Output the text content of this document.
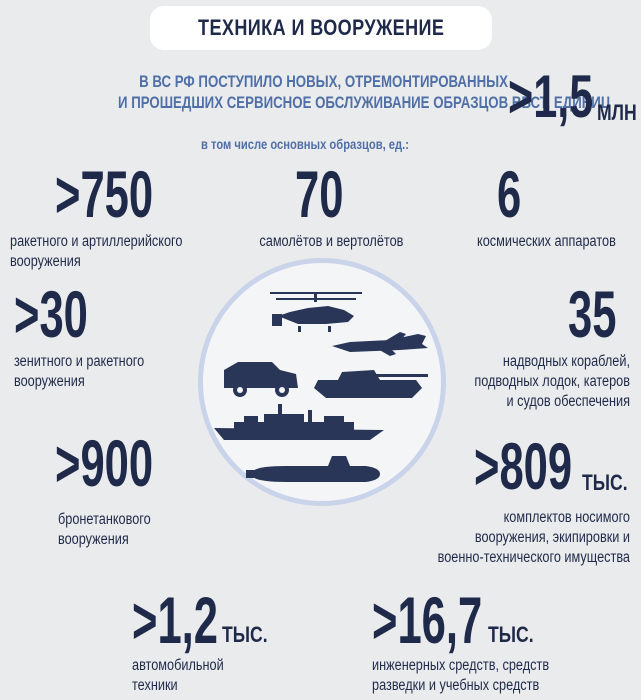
ТЕХНИКА И ВООРУЖЕНИЕ
В ВС РФ ПОСТУПИЛО НОВЫХ, ОТРЕМОНТИРОВАННЫХ
И ПРОШЕДШИХ СЕРВИСНОЕ ОБСЛУЖИВАНИЕ ОБРАЗЦОВ ВВСТ, ЕДИНИЦ
>1,5 МЛН
в том числе основных образцов, ед.:
>750
ракетного и артиллерийского
вооружения
70
самолётов и вертолётов
6
космических аппаратов
>30
зенитного и ракетного
вооружения
35
надводных кораблей,
подводных лодок, катеров
и судов обеспечения
>900
бронетанкового
вооружения
>809 ТЫС.
комплектов носимого
вооружения, экипировки и
военно-технического имущества
>1,2 ТЫС.
автомобильной
техники
>16,7 ТЫС.
инженерных средств, средств
разведки и учебных средств
